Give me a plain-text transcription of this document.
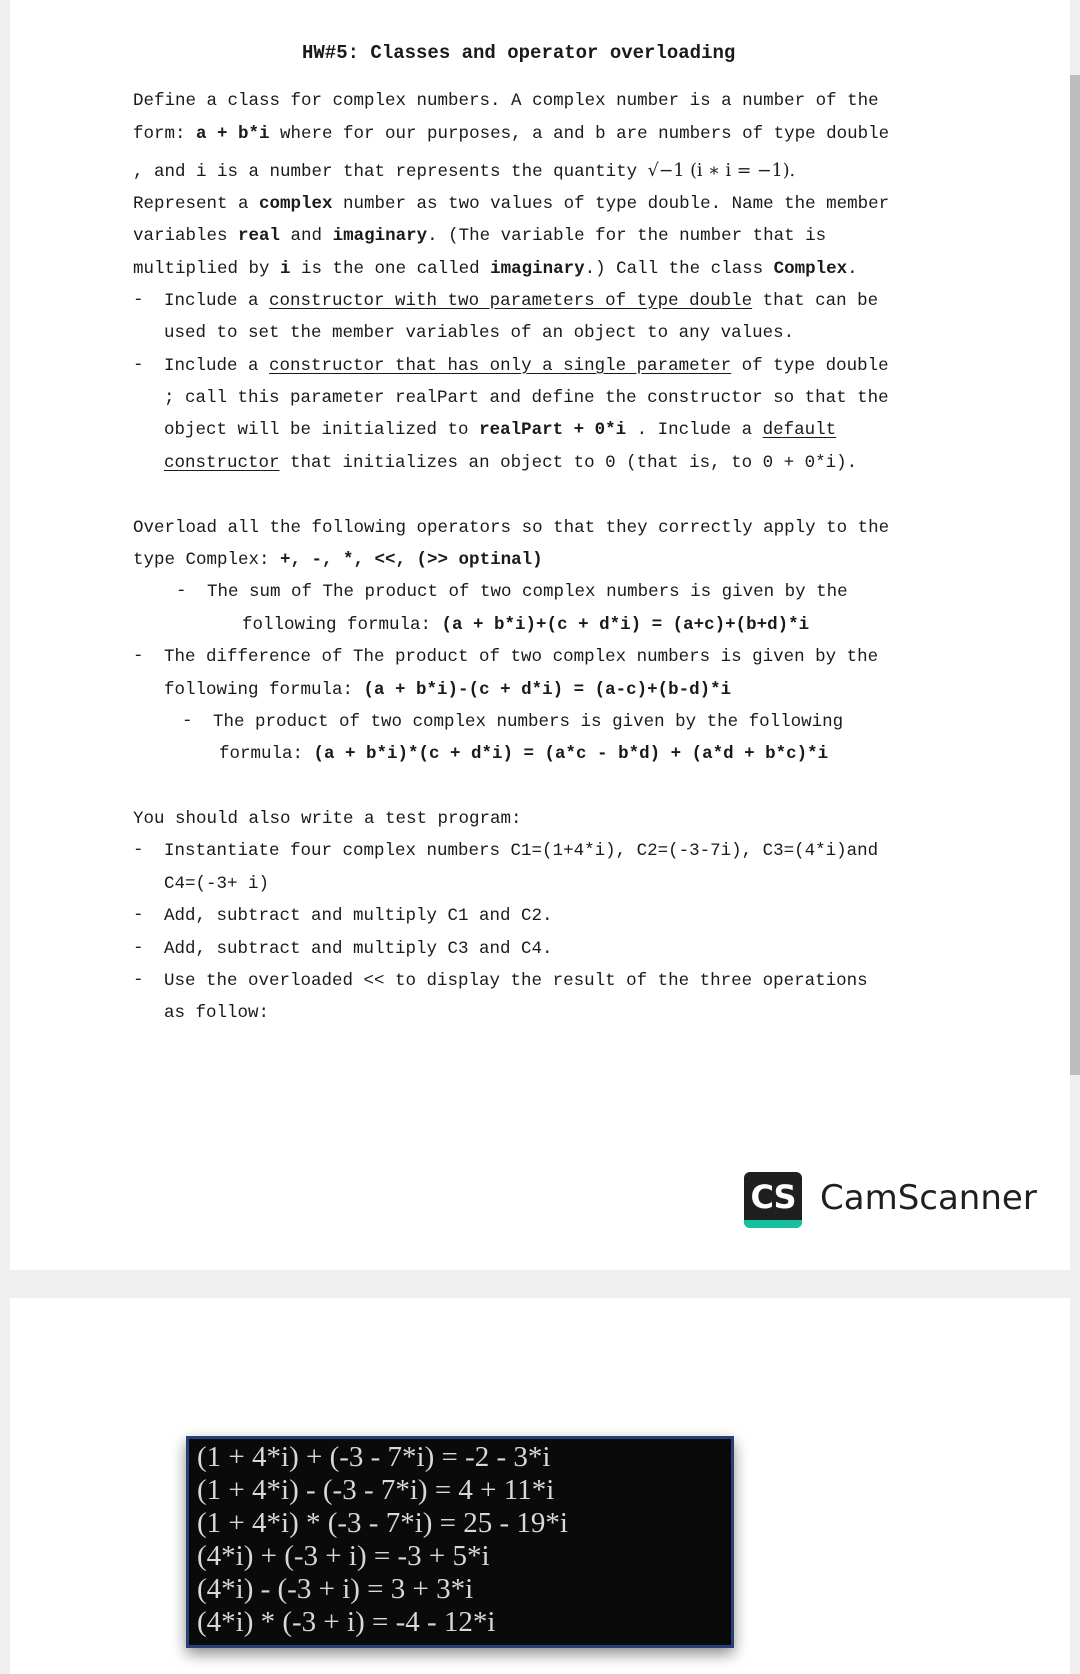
HW#5: Classes and operator overloading
Define a class for complex numbers. A complex number is a number of the
form: a + b*i where for our purposes, a and b are numbers of type double
, and i is a number that represents the quantity √−1 (i ∗ i = −1).
Represent a complex number as two values of type double. Name the member
variables real and imaginary. (The variable for the number that is
multiplied by i is the one called imaginary.) Call the class Complex.
- Include a constructor with two parameters of type double that can be
used to set the member variables of an object to any values.
- Include a constructor that has only a single parameter of type double
; call this parameter realPart and define the constructor so that the
object will be initialized to realPart + 0*i . Include a default
constructor that initializes an object to 0 (that is, to 0 + 0*i).
Overload all the following operators so that they correctly apply to the
type Complex: +, -, *, <<, (>> optinal)
- The sum of The product of two complex numbers is given by the
following formula: (a + b*i)+(c + d*i) = (a+c)+(b+d)*i
- The difference of The product of two complex numbers is given by the
following formula: (a + b*i)-(c + d*i) = (a-c)+(b-d)*i
- The product of two complex numbers is given by the following
formula: (a + b*i)*(c + d*i) = (a*c - b*d) + (a*d + b*c)*i
You should also write a test program:
- Instantiate four complex numbers C1=(1+4*i), C2=(-3-7i), C3=(4*i)and
C4=(-3+ i)
- Add, subtract and multiply C1 and C2.
- Add, subtract and multiply C3 and C4.
- Use the overloaded << to display the result of the three operations
as follow:
CS CamScanner
(1 + 4*i) + (-3 - 7*i) = -2 - 3*i
(1 + 4*i) - (-3 - 7*i) = 4 + 11*i
(1 + 4*i) * (-3 - 7*i) = 25 - 19*i
(4*i) + (-3 + i) = -3 + 5*i
(4*i) - (-3 + i) = 3 + 3*i
(4*i) * (-3 + i) = -4 - 12*i
